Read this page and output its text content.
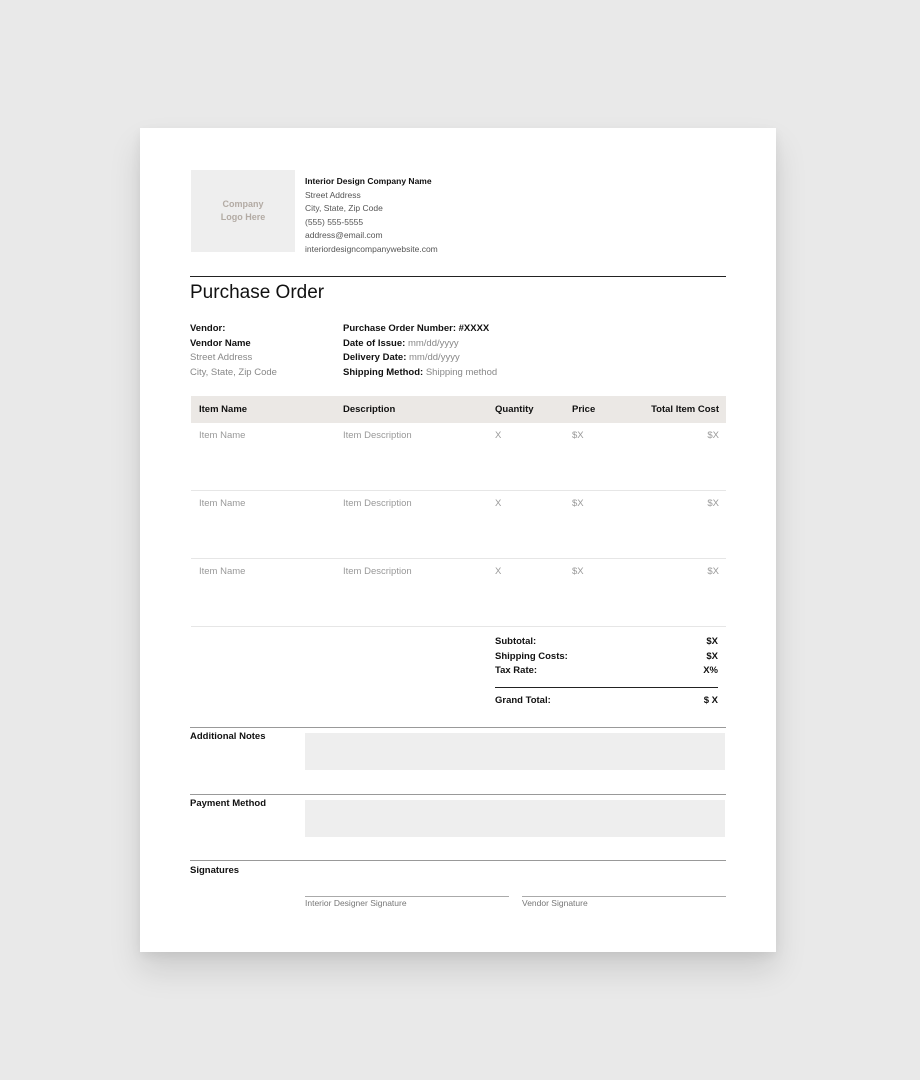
Company
Logo Here
Interior Design Company Name
Street Address
City, State, Zip Code
(555) 555-5555
address@email.com
interiordesigncompanywebsite.com
Purchase Order
Vendor:
Vendor Name
Street Address
City, State, Zip Code
Purchase Order Number: #XXXX
Date of Issue: mm/dd/yyyy
Delivery Date: mm/dd/yyyy
Shipping Method: Shipping method
Item Name	Description	Quantity	Price	Total Item Cost
Item Name	Item Description	X	$X	$X
Item Name	Item Description	X	$X	$X
Item Name	Item Description	X	$X	$X
Subtotal:	$X
Shipping Costs:	$X
Tax Rate:	X%
Grand Total:	$ X
Additional Notes
Payment Method
Signatures
Interior Designer Signature	Vendor Signature
